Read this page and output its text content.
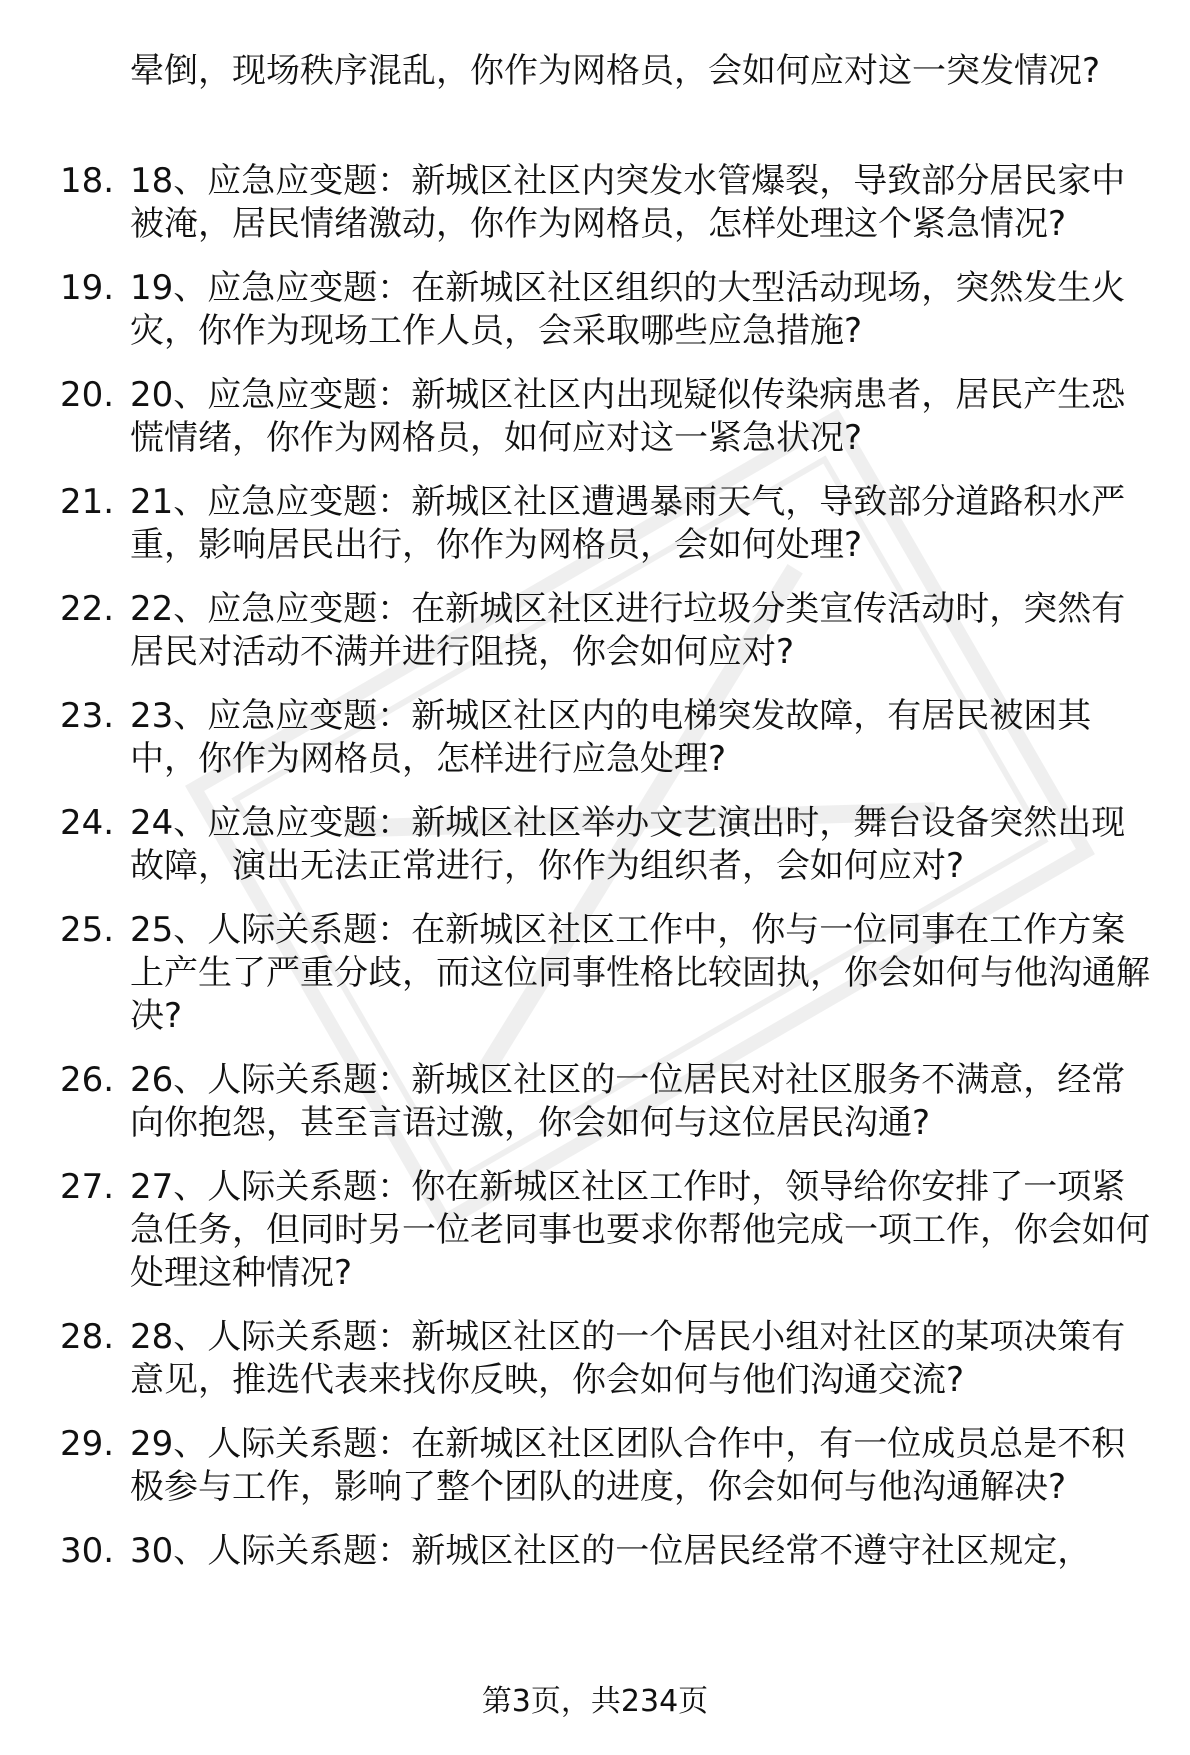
晕倒，现场秩序混乱，你作为网格员，会如何应对这一突发情况?

18. 18、应急应变题：新城区社区内突发水管爆裂，导致部分居民家中被淹，居民情绪激动，你作为网格员，怎样处理这个紧急情况?
19. 19、应急应变题：在新城区社区组织的大型活动现场，突然发生火灾，你作为现场工作人员，会采取哪些应急措施?
20. 20、应急应变题：新城区社区内出现疑似传染病患者，居民产生恐慌情绪，你作为网格员，如何应对这一紧急状况?
21. 21、应急应变题：新城区社区遭遇暴雨天气，导致部分道路积水严重，影响居民出行，你作为网格员，会如何处理?
22. 22、应急应变题：在新城区社区进行垃圾分类宣传活动时，突然有居民对活动不满并进行阻挠，你会如何应对?
23. 23、应急应变题：新城区社区内的电梯突发故障，有居民被困其中，你作为网格员，怎样进行应急处理?
24. 24、应急应变题：新城区社区举办文艺演出时，舞台设备突然出现故障，演出无法正常进行，你作为组织者，会如何应对?
25. 25、人际关系题：在新城区社区工作中，你与一位同事在工作方案上产生了严重分歧，而这位同事性格比较固执，你会如何与他沟通解决?
26. 26、人际关系题：新城区社区的一位居民对社区服务不满意，经常向你抱怨，甚至言语过激，你会如何与这位居民沟通?
27. 27、人际关系题：你在新城区社区工作时，领导给你安排了一项紧急任务，但同时另一位老同事也要求你帮他完成一项工作，你会如何处理这种情况?
28. 28、人际关系题：新城区社区的一个居民小组对社区的某项决策有意见，推选代表来找你反映，你会如何与他们沟通交流?
29. 29、人际关系题：在新城区社区团队合作中，有一位成员总是不积极参与工作，影响了整个团队的进度，你会如何与他沟通解决?
30. 30、人际关系题：新城区社区的一位居民经常不遵守社区规定，
第3页，共234页
